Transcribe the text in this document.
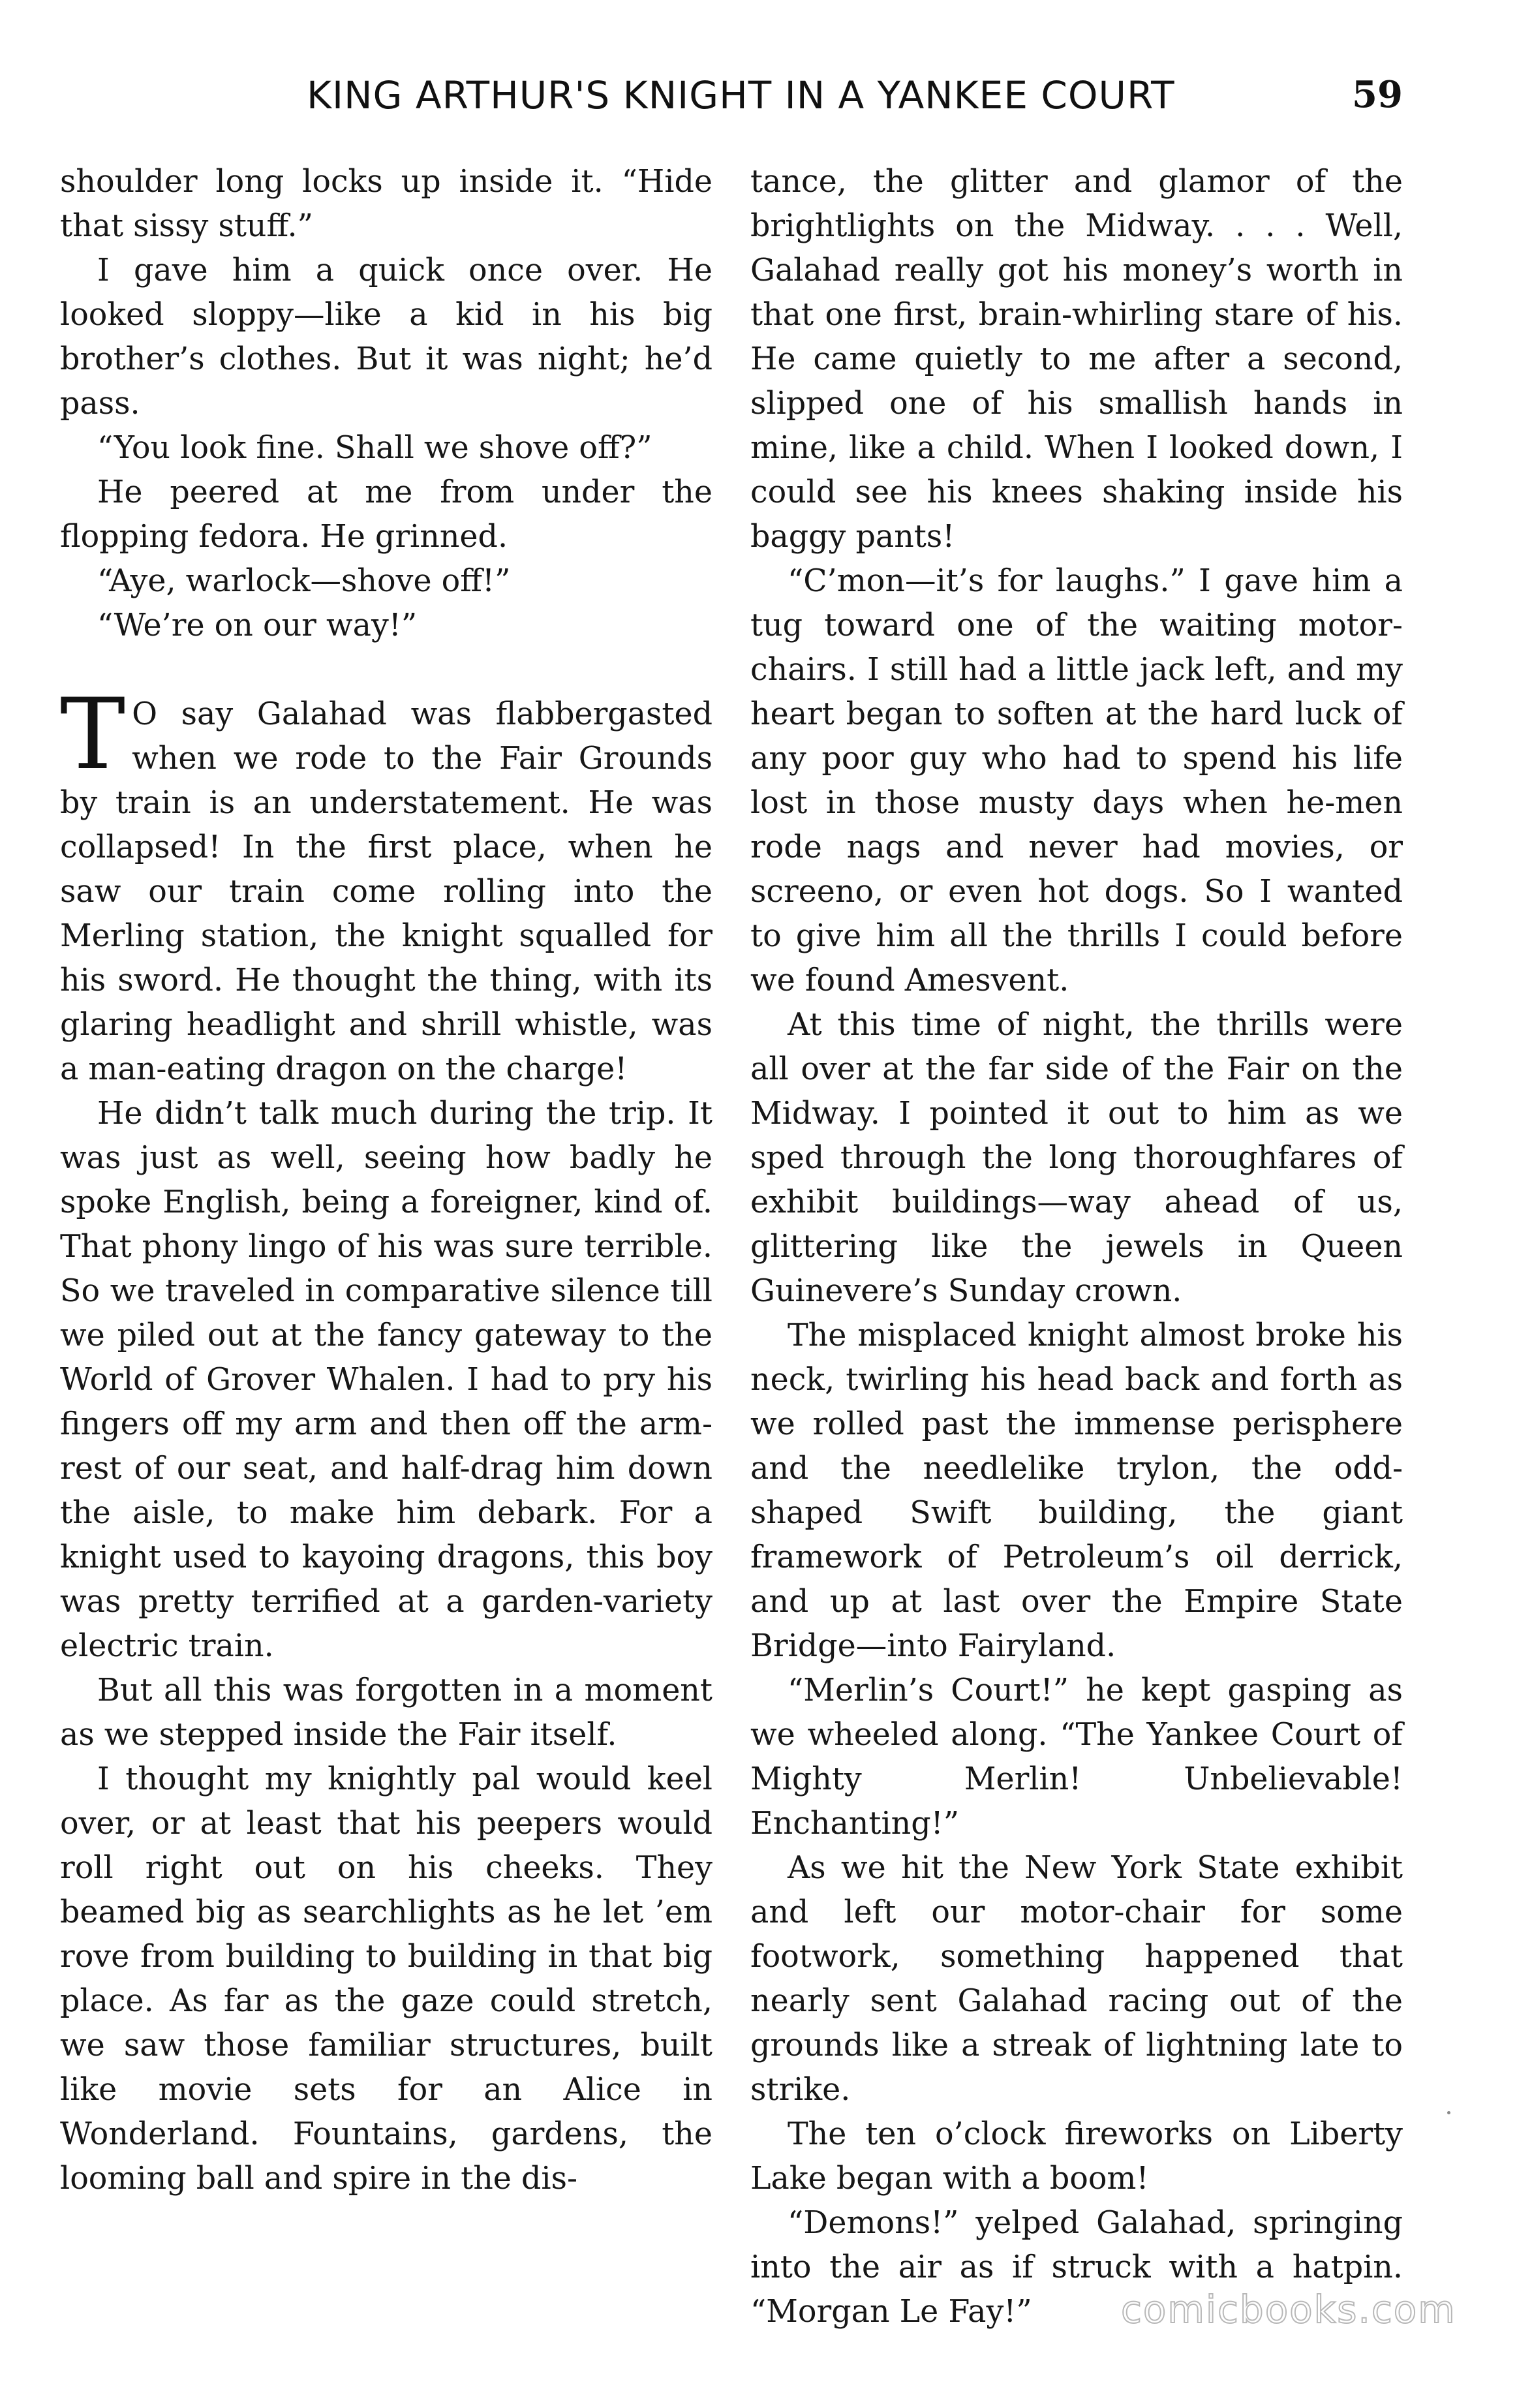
KING ARTHUR'S KNIGHT IN A YANKEE COURT	59

shoulder long locks up inside it. “Hide that sissy stuff.”

I gave him a quick once over. He looked sloppy—like a kid in his big brother’s clothes. But it was night; he’d pass.

“You look fine. Shall we shove off?”

He peered at me from under the flopping fedora. He grinned.

“Aye, warlock—shove off!”

“We’re on our way!”

T O say Galahad was flabbergasted when we rode to the Fair Grounds by train is an understatement. He was collapsed! In the first place, when he saw our train come rolling into the Merling station, the knight squalled for his sword. He thought the thing, with its glaring headlight and shrill whistle, was a man-eating dragon on the charge!

He didn’t talk much during the trip. It was just as well, seeing how badly he spoke English, being a foreigner, kind of. That phony lingo of his was sure terrible. So we traveled in comparative silence till we piled out at the fancy gateway to the World of Grover Whalen. I had to pry his fingers off my arm and then off the arm-rest of our seat, and half-drag him down the aisle, to make him debark. For a knight used to kayoing dragons, this boy was pretty terrified at a garden-variety electric train.

But all this was forgotten in a moment as we stepped inside the Fair itself.

I thought my knightly pal would keel over, or at least that his peepers would roll right out on his cheeks. They beamed big as searchlights as he let ’em rove from building to building in that big place. As far as the gaze could stretch, we saw those familiar structures, built like movie sets for an Alice in Wonderland. Fountains, gardens, the looming ball and spire in the dis-

tance, the glitter and glamor of the brightlights on the Midway. . . . Well, Galahad really got his money’s worth in that one first, brain-whirling stare of his. He came quietly to me after a second, slipped one of his smallish hands in mine, like a child. When I looked down, I could see his knees shaking inside his baggy pants!

“C’mon—it’s for laughs.” I gave him a tug toward one of the waiting motor-chairs. I still had a little jack left, and my heart began to soften at the hard luck of any poor guy who had to spend his life lost in those musty days when he-men rode nags and never had movies, or screeno, or even hot dogs. So I wanted to give him all the thrills I could before we found Amesvent.

At this time of night, the thrills were all over at the far side of the Fair on the Midway. I pointed it out to him as we sped through the long thoroughfares of exhibit buildings—way ahead of us, glittering like the jewels in Queen Guinevere’s Sunday crown.

The misplaced knight almost broke his neck, twirling his head back and forth as we rolled past the immense perisphere and the needlelike trylon, the odd-shaped Swift building, the giant framework of Petroleum’s oil derrick, and up at last over the Empire State Bridge—into Fairyland.

“Merlin’s Court!” he kept gasping as we wheeled along. “The Yankee Court of Mighty Merlin! Unbelievable! Enchanting!”

As we hit the New York State exhibit and left our motor-chair for some footwork, something happened that nearly sent Galahad racing out of the grounds like a streak of lightning late to strike.

The ten o’clock fireworks on Liberty Lake began with a boom!

“Demons!” yelped Galahad, springing into the air as if struck with a hatpin. “Morgan Le Fay!”	comicbooks.com
